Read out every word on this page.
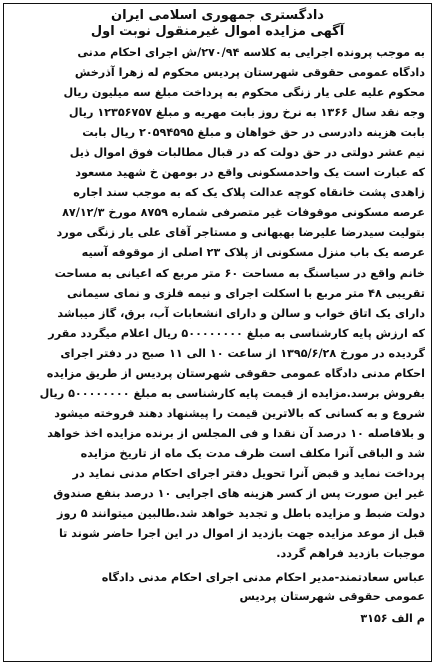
دادگستری جمهوری اسلامی ایران
آگهی مزایده اموال غیرمنقول نوبت اول
به موجب پرونده اجرایی به کلاسه ۲۷۰/۹۴/ش اجرای احکام مدنی
دادگاه عمومی حقوقی شهرستان پردیس محکوم له زهرا آذرخش
محکوم علیه علی یار زنگی محکوم به پرداخت مبلغ سه میلیون ریال
وجه نقد سال ۱۳۶۶ به نرخ روز بابت مهریه و مبلغ ۱۲۳۵۶۷۵۷ ریال
بابت هزینه دادرسی در حق خواهان و مبلغ ۲۰۵۹۴۵۹۵ ریال بابت
نیم عشر دولتی در حق دولت که در قبال مطالبات فوق اموال ذیل
که عبارت است یک واحدمسکونی واقع در بومهن خ شهید مسعود
زاهدی پشت خانقاه کوچه عدالت پلاک یک که به موجب سند اجاره
عرصه مسکونی موقوفات غیر متصرفی شماره ۸۷۵۹ مورخ ۸۷/۱۲/۳
بتولیت سیدرضا علیرضا بهبهانی و مستاجر آقای علی یار زنگی مورد
عرصه یک باب منزل مسکونی از پلاک ۲۳ اصلی از موقوفه آسیه
خانم واقع در سیاسنگ به مساحت ۶۰ متر مربع که اعیانی به مساحت
تقریبی ۴۸ متر مربع با اسکلت اجرای و نیمه فلزی و نمای سیمانی
دارای یک اتاق خواب و سالن و دارای انشعابات آب، برق، گاز میباشد
که ارزش پایه کارشناسی به مبلغ ۵۰۰۰۰۰۰۰۰ ریال اعلام میگردد مقرر
گردیده در مورخ ۱۳۹۵/۶/۲۸ از ساعت ۱۰ الی ۱۱ صبح در دفتر اجرای
احکام مدنی دادگاه عمومی حقوقی شهرستان پردیس از طریق مزایده
بفروش برسد.مزایده از قیمت پایه کارشناسی به مبلغ ۵۰۰۰۰۰۰۰۰ ریال
شروع و به کسانی که بالاترین قیمت را پیشنهاد دهند فروخته میشود
و بلافاصله ۱۰ درصد آن نقدا و فی المجلس از برنده مزایده اخذ خواهد
شد و الباقی آنرا مکلف است ظرف مدت یک ماه از تاریخ مزایده
پرداخت نماید و قبض آنرا تحویل دفتر اجرای احکام مدنی نماید در
غیر این صورت پس از کسر هزینه های اجرایی ۱۰ درصد بنفع صندوق
دولت ضبط و مزایده باطل و تجدید خواهد شد.طالبین میتوانند ۵ روز
قبل از موعد مزایده جهت بازدید از اموال در این اجرا حاضر شوند تا
موجبات بازدید فراهم گردد.
عباس سعادتمند-مدیر احکام مدنی اجرای احکام مدنی دادگاه
عمومی حقوقی شهرستان پردیس
م الف ۳۱۵۶
